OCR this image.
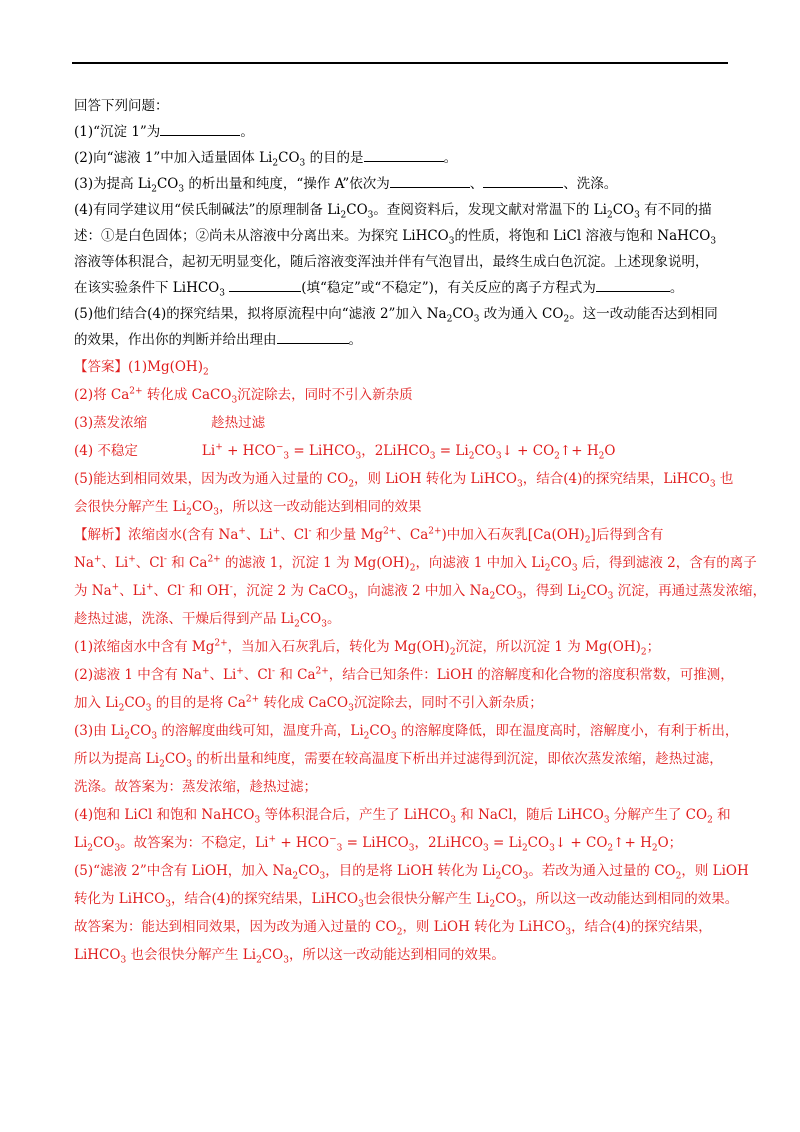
回答下列问题：

(1)“沉淀 1”为	。

(2)向“滤液 1”中加入适量固体 $Li_2CO_3$ 的目的是	。

(3)为提高 $Li_2CO_3$ 的析出量和纯度，“操作 A”依次为	、	、洗涤。

(4)有同学建议用“侯氏制碱法”的原理制备 $Li_2CO_3$。查阅资料后，发现文献对常温下的 $Li_2CO_3$ 有不同的描

述：①是白色固体；②尚未从溶液中分离出来。为探究 LiHCO$_3$的性质，将饱和 LiCl 溶液与饱和 NaHCO$_3$

溶液等体积混合，起初无明显变化，随后溶液变浑浊并伴有气泡冒出，最终生成白色沉淀。上述现象说明，

在该实验条件下 LiHCO$_3$	(填“稳定”或“不稳定”)，有关反应的离子方程式为	。

(5)他们结合(4)的探究结果，拟将原流程中向“滤液 2”加入 $Na_2CO_3$ 改为通入 $CO_2$。这一改动能否达到相同

的效果，作出你的判断并给出理由	。

【答案】$(1)Mg(OH)_2$

(2)将 $Ca^{2+}$ 转化成 CaCO$_3$沉淀除去，同时不引入新杂质

(3)蒸发浓缩	趁热过滤

(4) 不稳定	$Li^+ + HCO^-_3$ = LiHCO$_3$，2LiHCO$_3$ = $Li_2CO_3↓$ + $CO_2↑+ H_2O$

(5)能达到相同效果，因为改为通入过量的 $CO_2$，则 LiOH 转化为 LiHCO$_3$，结合(4)的探究结果，LiHCO$_3$ 也

会很快分解产生 $Li_2CO_3$，所以这一改动能达到相同的效果

【解析】浓缩卤水(含有 Na+、Li+、Cl- 和少量 $Mg^{2+}$、$Ca^{2+}$)中加入石灰乳$[Ca(OH)_2]$后得到含有

Na+、Li+、Cl- 和 $Ca^{2+}$ 的滤液 1，沉淀 1 为 $Mg(OH)_2$，向滤液 1 中加入 $Li_2CO_3$ 后，得到滤液 2，含有的离子

为 Na+、Li+、Cl- 和 OH-，沉淀 2 为 CaCO$_3$，向滤液 2 中加入 $Na_2CO_3$，得到 $Li_2CO_3$ 沉淀，再通过蒸发浓缩，

趁热过滤，洗涤、干燥后得到产品 $Li_2CO_3$。

(1)浓缩卤水中含有 $Mg^{2+}$，当加入石灰乳后，转化为 $Mg(OH)_2$沉淀，所以沉淀 1 为 $Mg(OH)_2$；

(2)滤液 1 中含有 Na+、Li+、Cl- 和 $Ca^{2+}$，结合已知条件：LiOH 的溶解度和化合物的溶度积常数，可推测，

加入 $Li_2CO_3$ 的目的是将 $Ca^{2+}$ 转化成 CaCO$_3$沉淀除去，同时不引入新杂质；

(3)由 $Li_2CO_3$ 的溶解度曲线可知，温度升高，$Li_2CO_3$ 的溶解度降低，即在温度高时，溶解度小，有利于析出，

所以为提高 $Li_2CO_3$ 的析出量和纯度，需要在较高温度下析出并过滤得到沉淀，即依次蒸发浓缩，趁热过滤，

洗涤。故答案为：蒸发浓缩，趁热过滤；

(4)饱和 LiCl 和饱和 NaHCO$_3$ 等体积混合后，产生了 LiHCO$_3$ 和 NaCl，随后 LiHCO$_3$ 分解产生了 $CO_2$ 和

$Li_2CO_3$。故答案为：不稳定，$Li^+ + HCO^-_3$ = LiHCO$_3$，2LiHCO$_3$ = $Li_2CO_3↓$ + $CO_2↑+ H_2O$；

(5)“滤液 2”中含有 LiOH，加入 $Na_2CO_3$，目的是将 LiOH 转化为 $Li_2CO_3$。若改为通入过量的 $CO_2$，则 LiOH

转化为 LiHCO$_3$，结合(4)的探究结果，LiHCO$_3$也会很快分解产生 $Li_2CO_3$，所以这一改动能达到相同的效果。

故答案为：能达到相同效果，因为改为通入过量的 $CO_2$，则 LiOH 转化为 LiHCO$_3$，结合(4)的探究结果，

LiHCO$_3$ 也会很快分解产生 $Li_2CO_3$，所以这一改动能达到相同的效果。
